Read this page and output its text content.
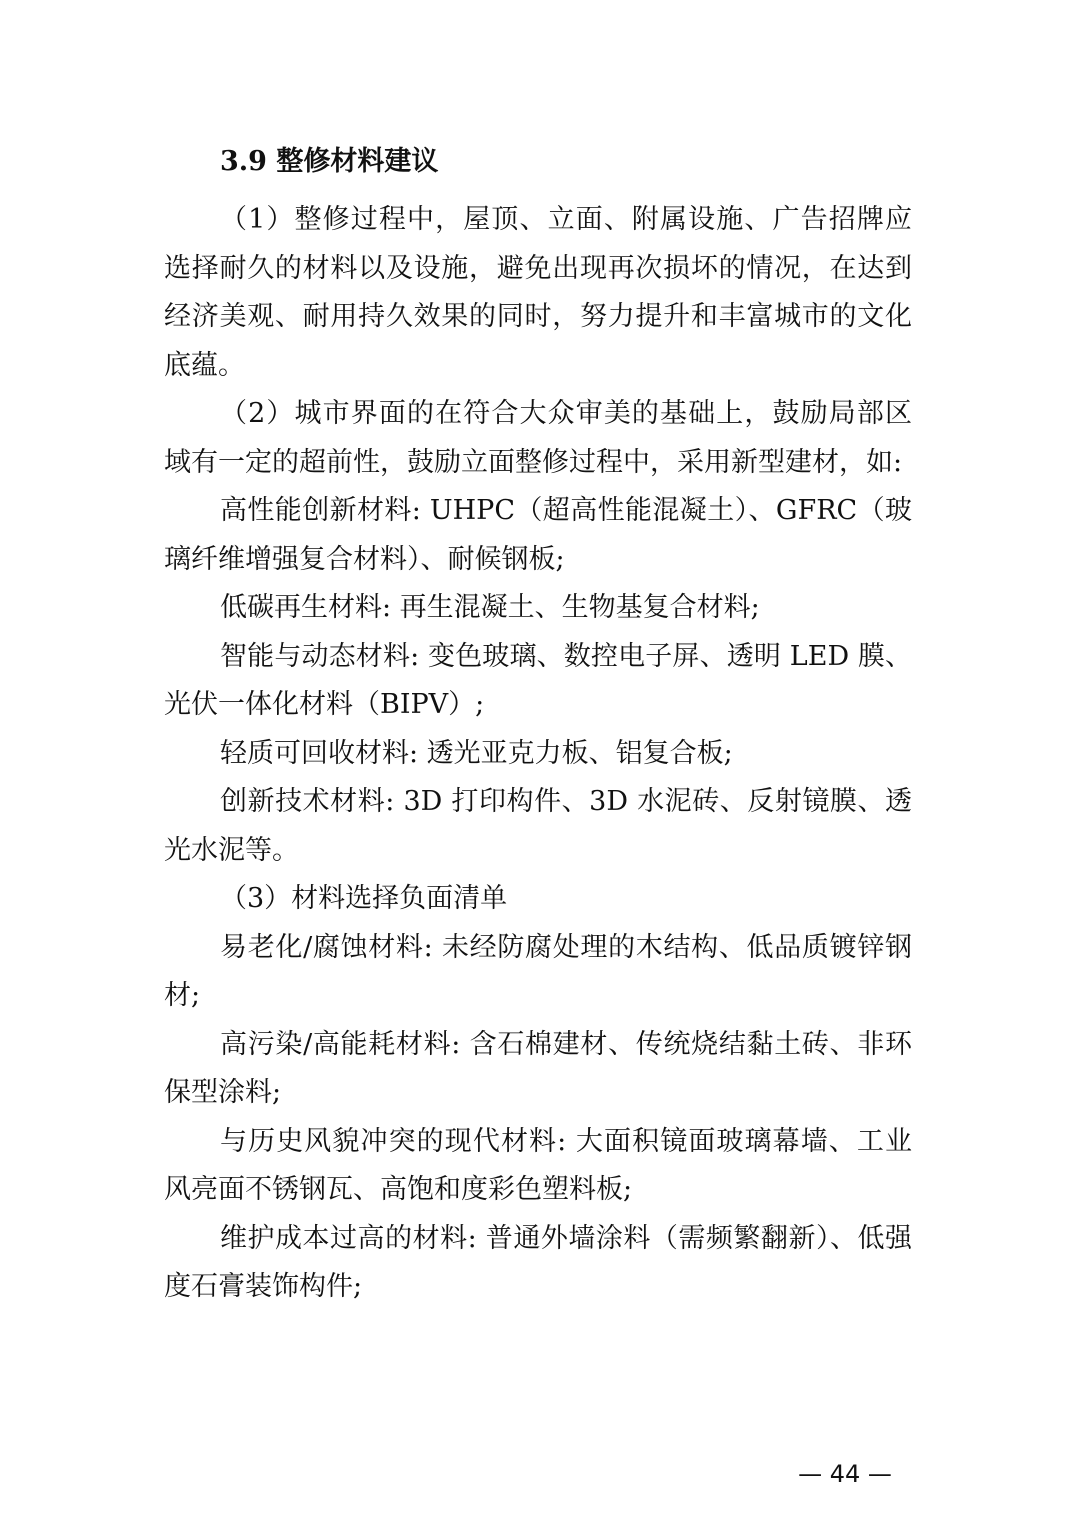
3.9 整修材料建议

（1）整修过程中，屋顶、立面、附属设施、广告招牌应选择耐久的材料以及设施，避免出现再次损坏的情况，在达到经济美观、耐用持久效果的同时，努力提升和丰富城市的文化底蕴。

（2）城市界面的在符合大众审美的基础上，鼓励局部区域有一定的超前性，鼓励立面整修过程中，采用新型建材，如:

高性能创新材料: UHPC（超高性能混凝土）、GFRC（玻璃纤维增强复合材料）、耐候钢板;

低碳再生材料: 再生混凝土、生物基复合材料;

智能与动态材料: 变色玻璃、数控电子屏、透明 LED 膜、光伏一体化材料（BIPV）;

轻质可回收材料: 透光亚克力板、铝复合板;

创新技术材料: 3D 打印构件、3D 水泥砖、反射镜膜、透光水泥等。

（3）材料选择负面清单

易老化/腐蚀材料: 未经防腐处理的木结构、低品质镀锌钢材;

高污染/高能耗材料: 含石棉建材、传统烧结黏土砖、非环保型涂料;

与历史风貌冲突的现代材料: 大面积镜面玻璃幕墙、工业风亮面不锈钢瓦、高饱和度彩色塑料板;

维护成本过高的材料: 普通外墙涂料（需频繁翻新）、低强度石膏装饰构件;

— 44 —
